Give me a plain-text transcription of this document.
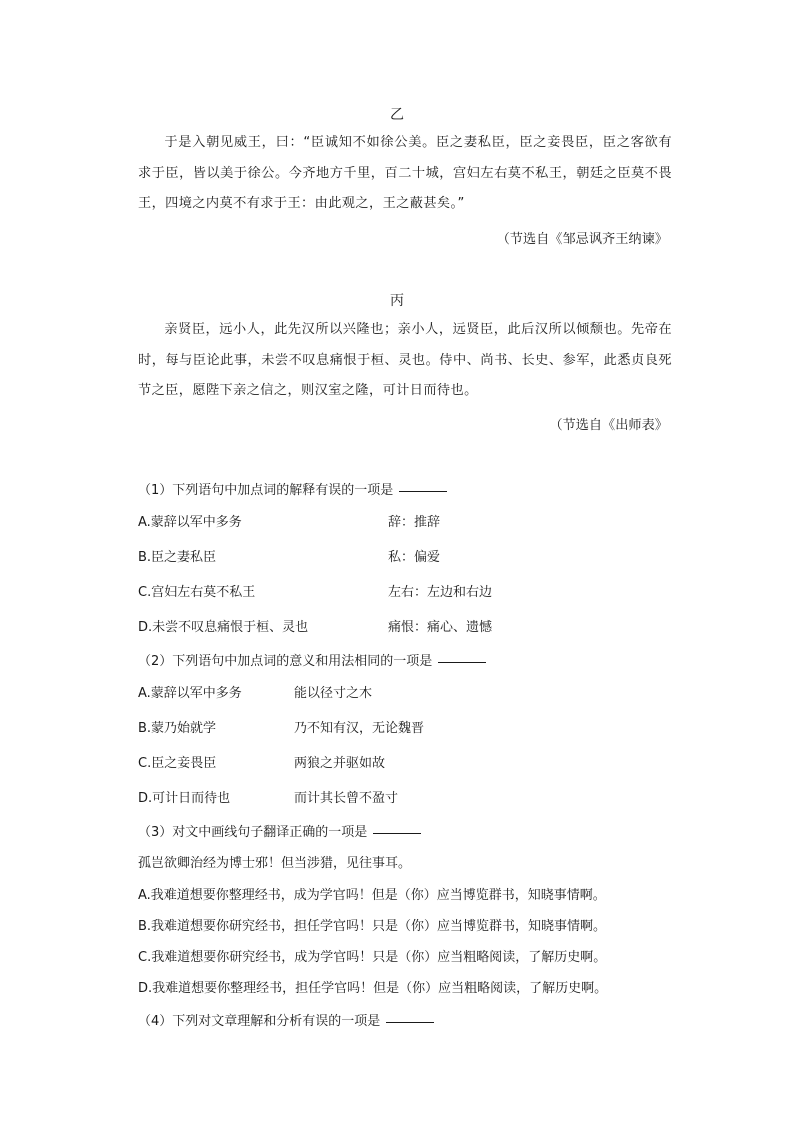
乙
于是入朝见威王，曰：“臣诚知不如徐公美。臣之妻私臣，臣之妾畏臣，臣之客欲有求于臣，皆以美于徐公。今齐地方千里，百二十城，宫妇左右莫不私王，朝廷之臣莫不畏王，四境之内莫不有求于王：由此观之，王之蔽甚矣。”
（节选自《邹忌讽齐王纳谏》
丙
亲贤臣，远小人，此先汉所以兴隆也；亲小人，远贤臣，此后汉所以倾颓也。先帝在时，每与臣论此事，未尝不叹息痛恨于桓、灵也。侍中、尚书、长史、参军，此悉贞良死节之臣，愿陛下亲之信之，则汉室之隆，可计日而待也。
（节选自《出师表》
（1）下列语句中加点词的解释有误的一项是
A.蒙辞以军中多务	辞：推辞
B.臣之妻私臣	私：偏爱
C.宫妇左右莫不私王	左右：左边和右边
D.未尝不叹息痛恨于桓、灵也	痛恨：痛心、遗憾
（2）下列语句中加点词的意义和用法相同的一项是
A.蒙辞以军中多务	能以径寸之木
B.蒙乃始就学	乃不知有汉，无论魏晋
C.臣之妾畏臣	两狼之并驱如故
D.可计日而待也	而计其长曾不盈寸
（3）对文中画线句子翻译正确的一项是
孤岂欲卿治经为博士邪！但当涉猎，见往事耳。
A.我难道想要你整理经书，成为学官吗！但是（你）应当博览群书，知晓事情啊。
B.我难道想要你研究经书，担任学官吗！只是（你）应当博览群书，知晓事情啊。
C.我难道想要你研究经书，成为学官吗！只是（你）应当粗略阅读，了解历史啊。
D.我难道想要你整理经书，担任学官吗！但是（你）应当粗略阅读，了解历史啊。
（4）下列对文章理解和分析有误的一项是
